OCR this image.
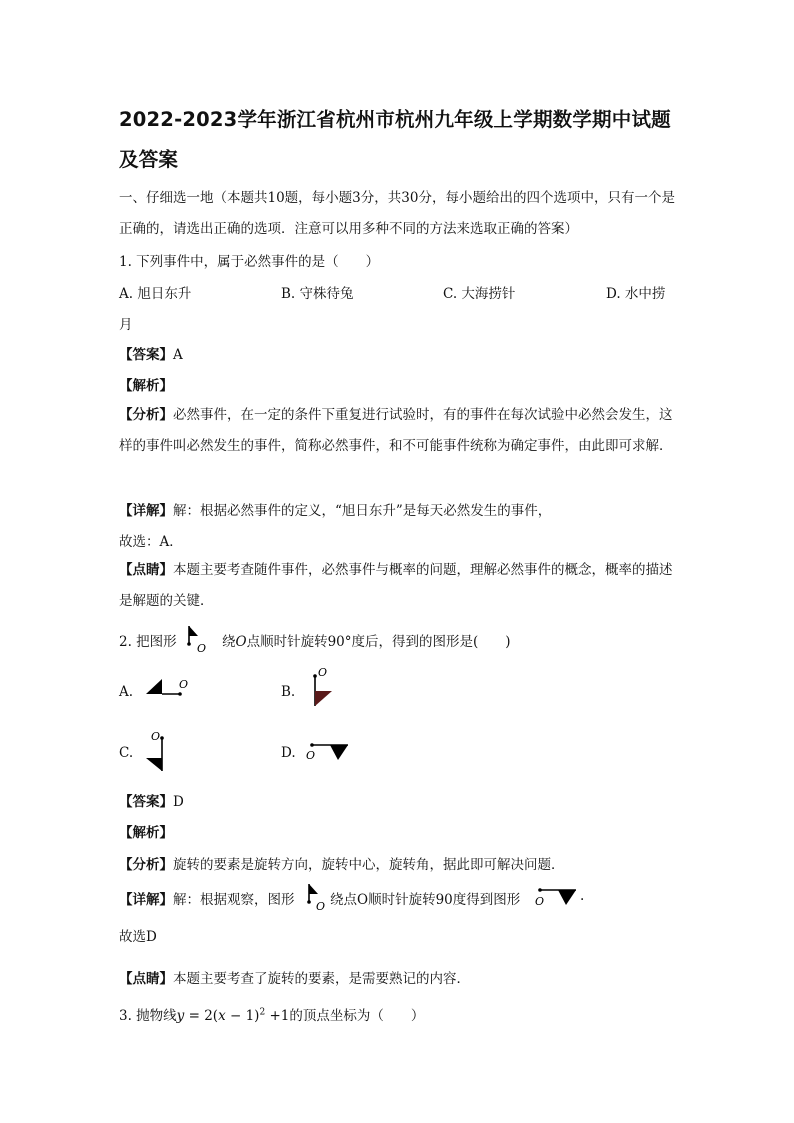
2022-2023学年浙江省杭州市杭州九年级上学期数学期中试题及答案
一、仔细选一地（本题共10题，每小题3分，共30分，每小题给出的四个选项中，只有一个是正确的，请选出正确的选项．注意可以用多种不同的方法来选取正确的答案）
1. 下列事件中，属于必然事件的是（　　）
A. 旭日东升	B. 守株待兔	C. 大海捞针	D. 水中捞
月
【答案】A
【解析】
【分析】必然事件，在一定的条件下重复进行试验时，有的事件在每次试验中必然会发生，这样的事件叫必然发生的事件，简称必然事件，和不可能事件统称为确定事件，由此即可求解．
【详解】解：根据必然事件的定义，“旭日东升”是每天必然发生的事件，
故选：A．
【点睛】本题主要考查随件事件，必然事件与概率的问题，理解必然事件的概念，概率的描述是解题的关键．
2. 把图形 O 绕O点顺时针旋转90°度后，得到的图形是(　　)
A.	O	B.
O
C.
O
D. O
【答案】D
【解析】
【分析】旋转的要素是旋转方向，旋转中心，旋转角，据此即可解决问题．
【详解】解：根据观察，图形 O 绕点O顺时针旋转90度得到图形 O	.
故选D
【点睛】本题主要考查了旋转的要素，是需要熟记的内容．
3. 抛物线$y = 2(x - 1)^2 +1$的顶点坐标为（　　）
